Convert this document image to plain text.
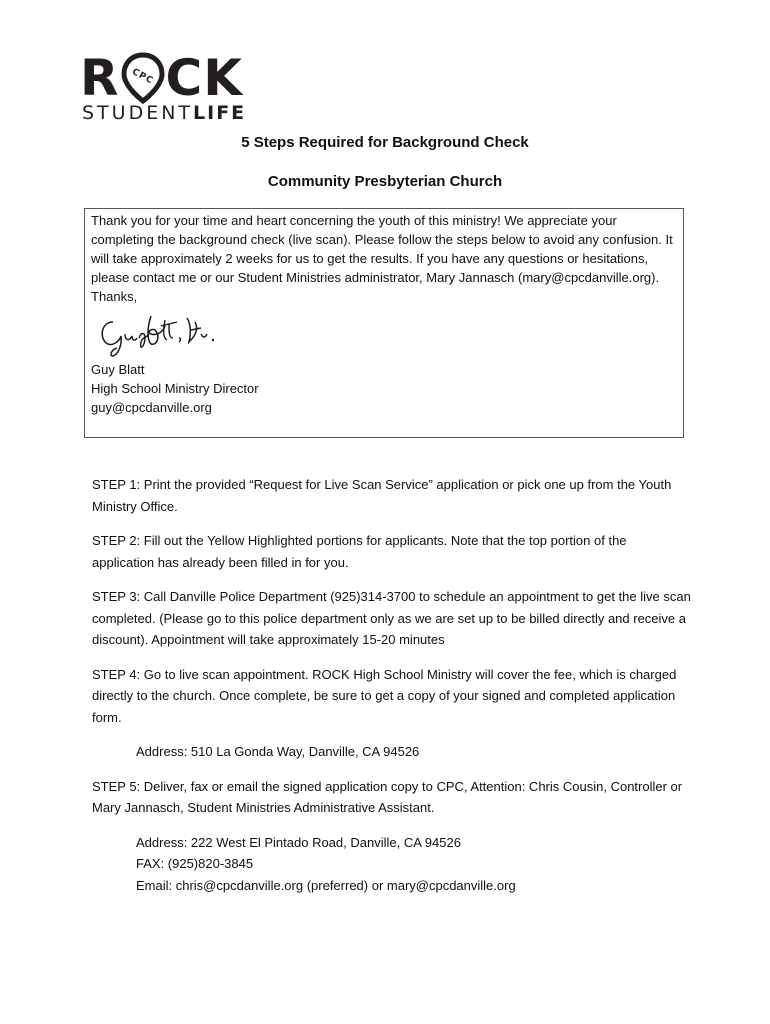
R CPC CK
STUDENTLIFE
5 Steps Required for Background Check
Community Presbyterian Church

Thank you for your time and heart concerning the youth of this ministry! We appreciate your completing the background check (live scan). Please follow the steps below to avoid any confusion. It will take approximately 2 weeks for us to get the results. If you have any questions or hesitations, please contact me or our Student Ministries administrator, Mary Jannasch (mary@cpcdanville.org).

Thanks,

Guy Blatt

High School Ministry Director

guy@cpcdanville.org

STEP 1: Print the provided “Request for Live Scan Service” application or pick one up from the Youth Ministry Office.

STEP 2: Fill out the Yellow Highlighted portions for applicants. Note that the top portion of the application has already been filled in for you.

STEP 3: Call Danville Police Department (925)314-3700 to schedule an appointment to get the live scan completed. (Please go to this police department only as we are set up to be billed directly and receive a discount). Appointment will take approximately 15-20 minutes

STEP 4: Go to live scan appointment. ROCK High School Ministry will cover the fee, which is charged directly to the church. Once complete, be sure to get a copy of your signed and completed application form.

Address: 510 La Gonda Way, Danville, CA 94526

STEP 5: Deliver, fax or email the signed application copy to CPC, Attention: Chris Cousin, Controller or Mary Jannasch, Student Ministries Administrative Assistant.

Address: 222 West El Pintado Road, Danville, CA 94526

FAX: (925)820-3845

Email: chris@cpcdanville.org (preferred) or mary@cpcdanville.org
